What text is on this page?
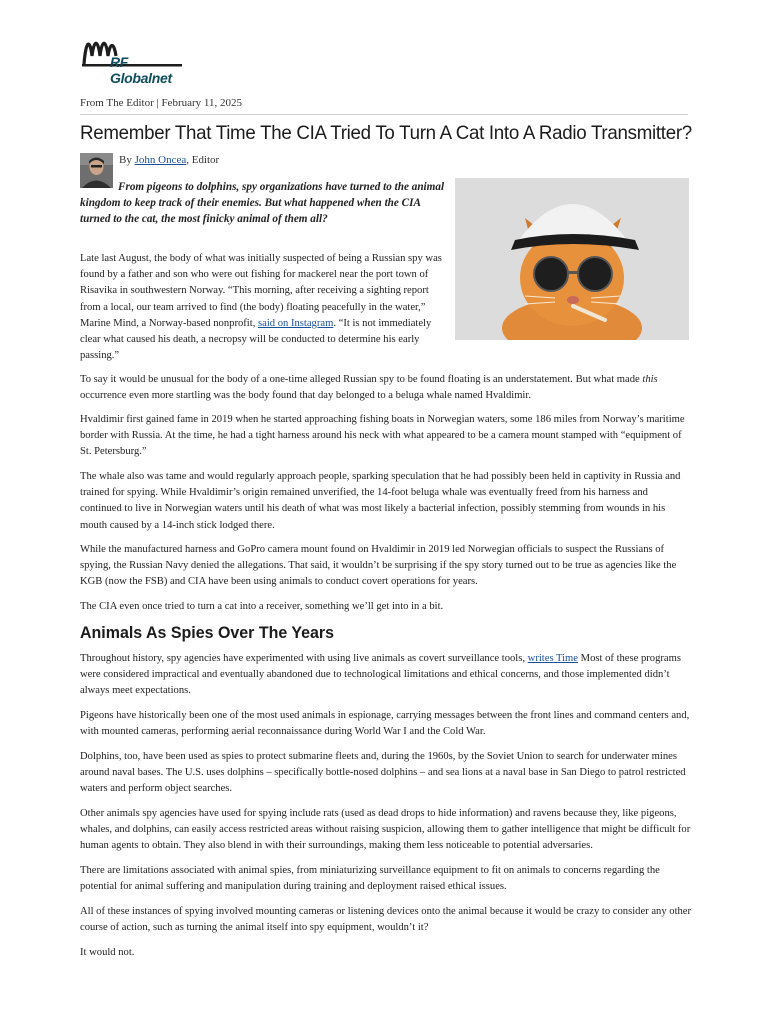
RF Globalnet
From The Editor | February 11, 2025
Remember That Time The CIA Tried To Turn A Cat Into A Radio Transmitter?
By John Oncea, Editor
From pigeons to dolphins, spy organizations have turned to the animal kingdom to keep track of their enemies. But what happened when the CIA turned to the cat, the most finicky animal of them all?

Late last August, the body of what was initially suspected of being a Russian spy was found by a father and son who were out fishing for mackerel near the port town of Risavika in southwestern Norway. “This morning, after receiving a sighting report from a local, our team arrived to find (the body) floating peacefully in the water,” Marine Mind, a Norway-based nonprofit, said on Instagram. “It is not immediately clear what caused his death, a necropsy will be conducted to determine his early passing.”

To say it would be unusual for the body of a one-time alleged Russian spy to be found floating is an understatement. But what made this occurrence even more startling was the body found that day belonged to a beluga whale named Hvaldimir.

Hvaldimir first gained fame in 2019 when he started approaching fishing boats in Norwegian waters, some 186 miles from Norway’s maritime border with Russia. At the time, he had a tight harness around his neck with what appeared to be a camera mount stamped with “equipment of St. Petersburg.”

The whale also was tame and would regularly approach people, sparking speculation that he had possibly been held in captivity in Russia and trained for spying. While Hvaldimir’s origin remained unverified, the 14-foot beluga whale was eventually freed from his harness and continued to live in Norwegian waters until his death of what was most likely a bacterial infection, possibly stemming from wounds in his mouth caused by a 14-inch stick lodged there.

While the manufactured harness and GoPro camera mount found on Hvaldimir in 2019 led Norwegian officials to suspect the Russians of spying, the Russian Navy denied the allegations. That said, it wouldn’t be surprising if the spy story turned out to be true as agencies like the KGB (now the FSB) and CIA have been using animals to conduct covert operations for years.

The CIA even once tried to turn a cat into a receiver, something we’ll get into in a bit.

Animals As Spies Over The Years

Throughout history, spy agencies have experimented with using live animals as covert surveillance tools, writes Time Most of these programs were considered impractical and eventually abandoned due to technological limitations and ethical concerns, and those implemented didn’t always meet expectations.

Pigeons have historically been one of the most used animals in espionage, carrying messages between the front lines and command centers and, with mounted cameras, performing aerial reconnaissance during World War I and the Cold War.

Dolphins, too, have been used as spies to protect submarine fleets and, during the 1960s, by the Soviet Union to search for underwater mines around naval bases. The U.S. uses dolphins – specifically bottle-nosed dolphins – and sea lions at a naval base in San Diego to patrol restricted waters and perform object searches.

Other animals spy agencies have used for spying include rats (used as dead drops to hide information) and ravens because they, like pigeons, whales, and dolphins, can easily access restricted areas without raising suspicion, allowing them to gather intelligence that might be difficult for human agents to obtain. They also blend in with their surroundings, making them less noticeable to potential adversaries.

There are limitations associated with animal spies, from miniaturizing surveillance equipment to fit on animals to concerns regarding the potential for animal suffering and manipulation during training and deployment raised ethical issues.

All of these instances of spying involved mounting cameras or listening devices onto the animal because it would be crazy to consider any other course of action, such as turning the animal itself into spy equipment, wouldn’t it?

It would not.
